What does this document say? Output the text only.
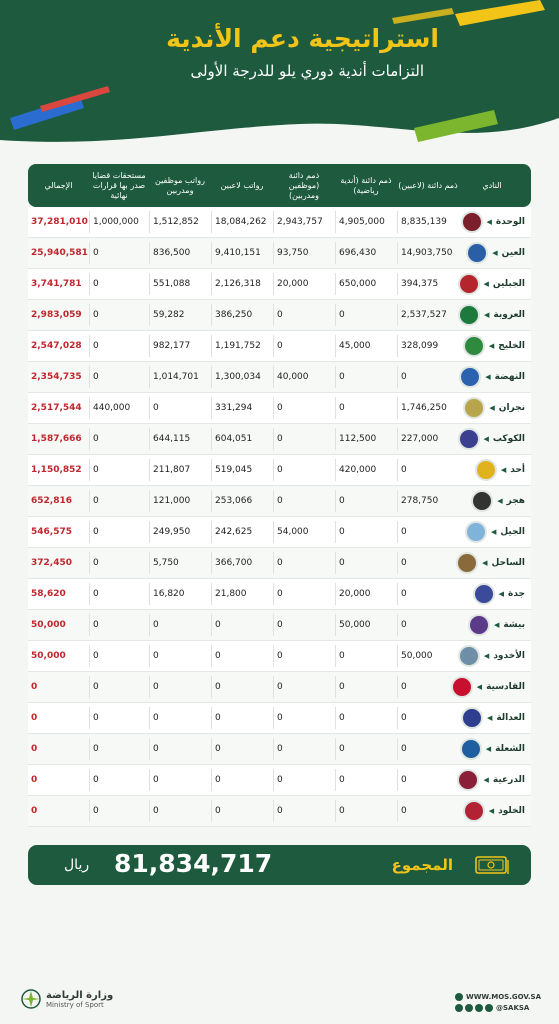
استراتيجية دعم الأندية
التزامات أندية دوري يلو للدرجة الأولى
النادي
ذمم دائنة (لاعبين)
ذمم دائنة (أندية رياضية)
ذمم دائنة (موظفين ومدربين)
رواتب لاعبين
رواتب موظفين ومدربين
مستحقات قضايا صدر بها قرارات نهائية
الإجمالي
◀ الوحدة
8,835,139
4,905,000
2,943,757
18,084,262
1,512,852
1,000,000
37,281,010
◀ العين
14,903,750
696,430
93,750
9,410,151
836,500
0
25,940,581
◀ الجبلين
394,375
650,000
20,000
2,126,318
551,088
0
3,741,781
◀ العروبة
2,537,527
0
0
386,250
59,282
0
2,983,059
◀ الخليج
328,099
45,000
0
1,191,752
982,177
0
2,547,028
◀ النهضة
0
0
40,000
1,300,034
1,014,701
0
2,354,735
◀ نجران
1,746,250
0
0
331,294
0
440,000
2,517,544
◀ الكوكب
227,000
112,500
0
604,051
644,115
0
1,587,666
◀ أحد
0
420,000
0
519,045
211,807
0
1,150,852
◀ هجر
278,750
0
0
253,066
121,000
0
652,816
◀ الجيل
0
0
54,000
242,625
249,950
0
546,575
◀ الساحل
0
0
0
366,700
5,750
0
372,450
◀ جدة
0
20,000
0
21,800
16,820
0
58,620
◀ بيشة
0
50,000
0
0
0
0
50,000
◀ الأخدود
50,000
0
0
0
0
0
50,000
◀ القادسية
0
0
0
0
0
0
0
◀ العدالة
0
0
0
0
0
0
0
◀ الشعلة
0
0
0
0
0
0
0
◀ الدرعية
0
0
0
0
0
0
0
◀ الخلود
0
0
0
0
0
0
0
81,834,717
ريال	المجموع
وزارة الرياضة
Ministry of Sport
WWW.MOS.GOV.SA
@SAKSA
